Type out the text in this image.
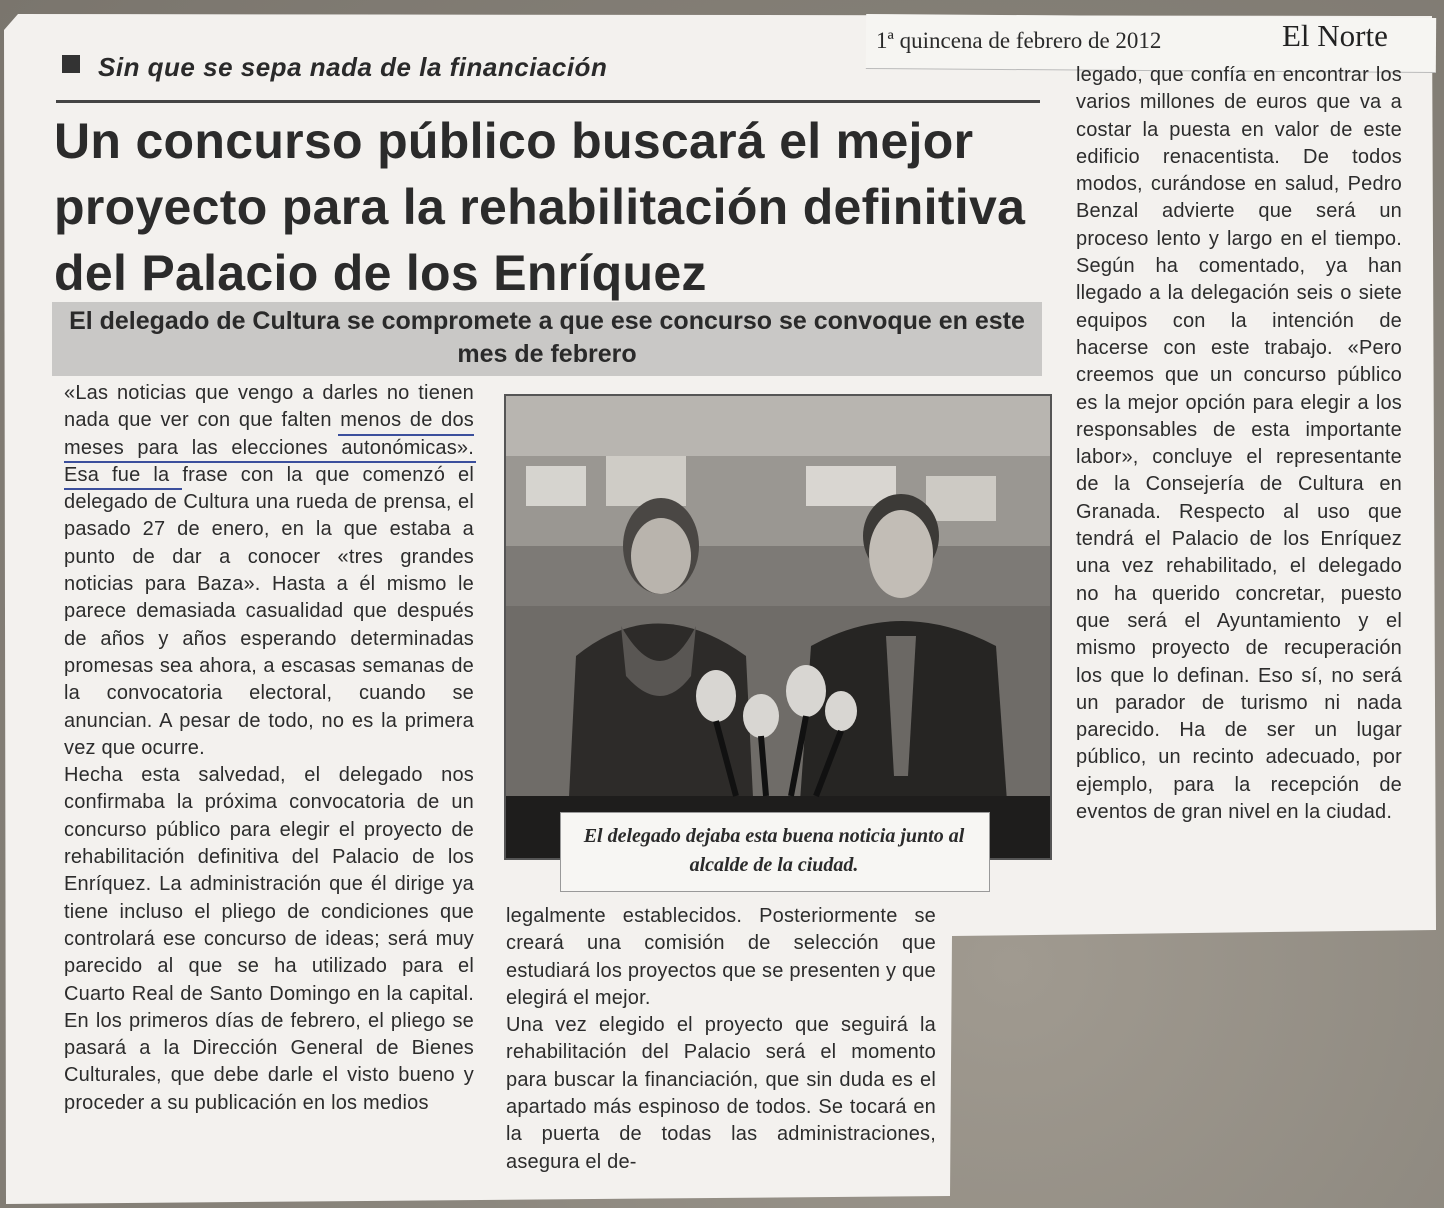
1ª quincena de febrero de 2012	El Norte
Sin que se sepa nada de la financiación
Un concurso público buscará el mejor proyecto para la rehabilitación definitiva del Palacio de los Enríquez
El delegado de Cultura se compromete a que ese concurso se convoque en este mes de febrero
«Las noticias que vengo a darles no tienen nada que ver con que falten menos de dos meses para las elecciones autonómicas». Esa fue la frase con la que comenzó el delegado de Cultura una rueda de prensa, el pasado 27 de enero, en la que estaba a punto de dar a conocer «tres grandes noticias para Baza». Hasta a él mismo le parece demasiada casualidad que después de años y años esperando determinadas promesas sea ahora, a escasas semanas de la convocatoria electoral, cuando se anuncian. A pesar de todo, no es la primera vez que ocurre.
Hecha esta salvedad, el delegado nos confirmaba la próxima convocatoria de un concurso público para elegir el proyecto de rehabilitación definitiva del Palacio de los Enríquez. La administración que él dirige ya tiene incluso el pliego de condiciones que controlará ese concurso de ideas; será muy parecido al que se ha utilizado para el Cuarto Real de Santo Domingo en la capital. En los primeros días de febrero, el pliego se pasará a la Dirección General de Bienes Culturales, que debe darle el visto bueno y proceder a su publicación en los medios
El delegado dejaba esta buena noticia junto al alcalde de la ciudad.
legalmente establecidos. Posteriormente se creará una comisión de selección que estudiará los proyectos que se presenten y que elegirá el mejor.
Una vez elegido el proyecto que seguirá la rehabilitación del Palacio será el momento para buscar la financiación, que sin duda es el apartado más espinoso de todos. Se tocará en la puerta de todas las administraciones, asegura el de-
legado, que confía en encontrar los varios millones de euros que va a costar la puesta en valor de este edificio renacentista. De todos modos, curándose en salud, Pedro Benzal advierte que será un proceso lento y largo en el tiempo. Según ha comentado, ya han llegado a la delegación seis o siete equipos con la intención de hacerse con este trabajo. «Pero creemos que un concurso público es la mejor opción para elegir a los responsables de esta importante labor», concluye el representante de la Consejería de Cultura en Granada. Respecto al uso que tendrá el Palacio de los Enríquez una vez rehabilitado, el delegado no ha querido concretar, puesto que será el Ayuntamiento y el mismo proyecto de recuperación los que lo definan. Eso sí, no será un parador de turismo ni nada parecido. Ha de ser un lugar público, un recinto adecuado, por ejemplo, para la recepción de eventos de gran nivel en la ciudad.
